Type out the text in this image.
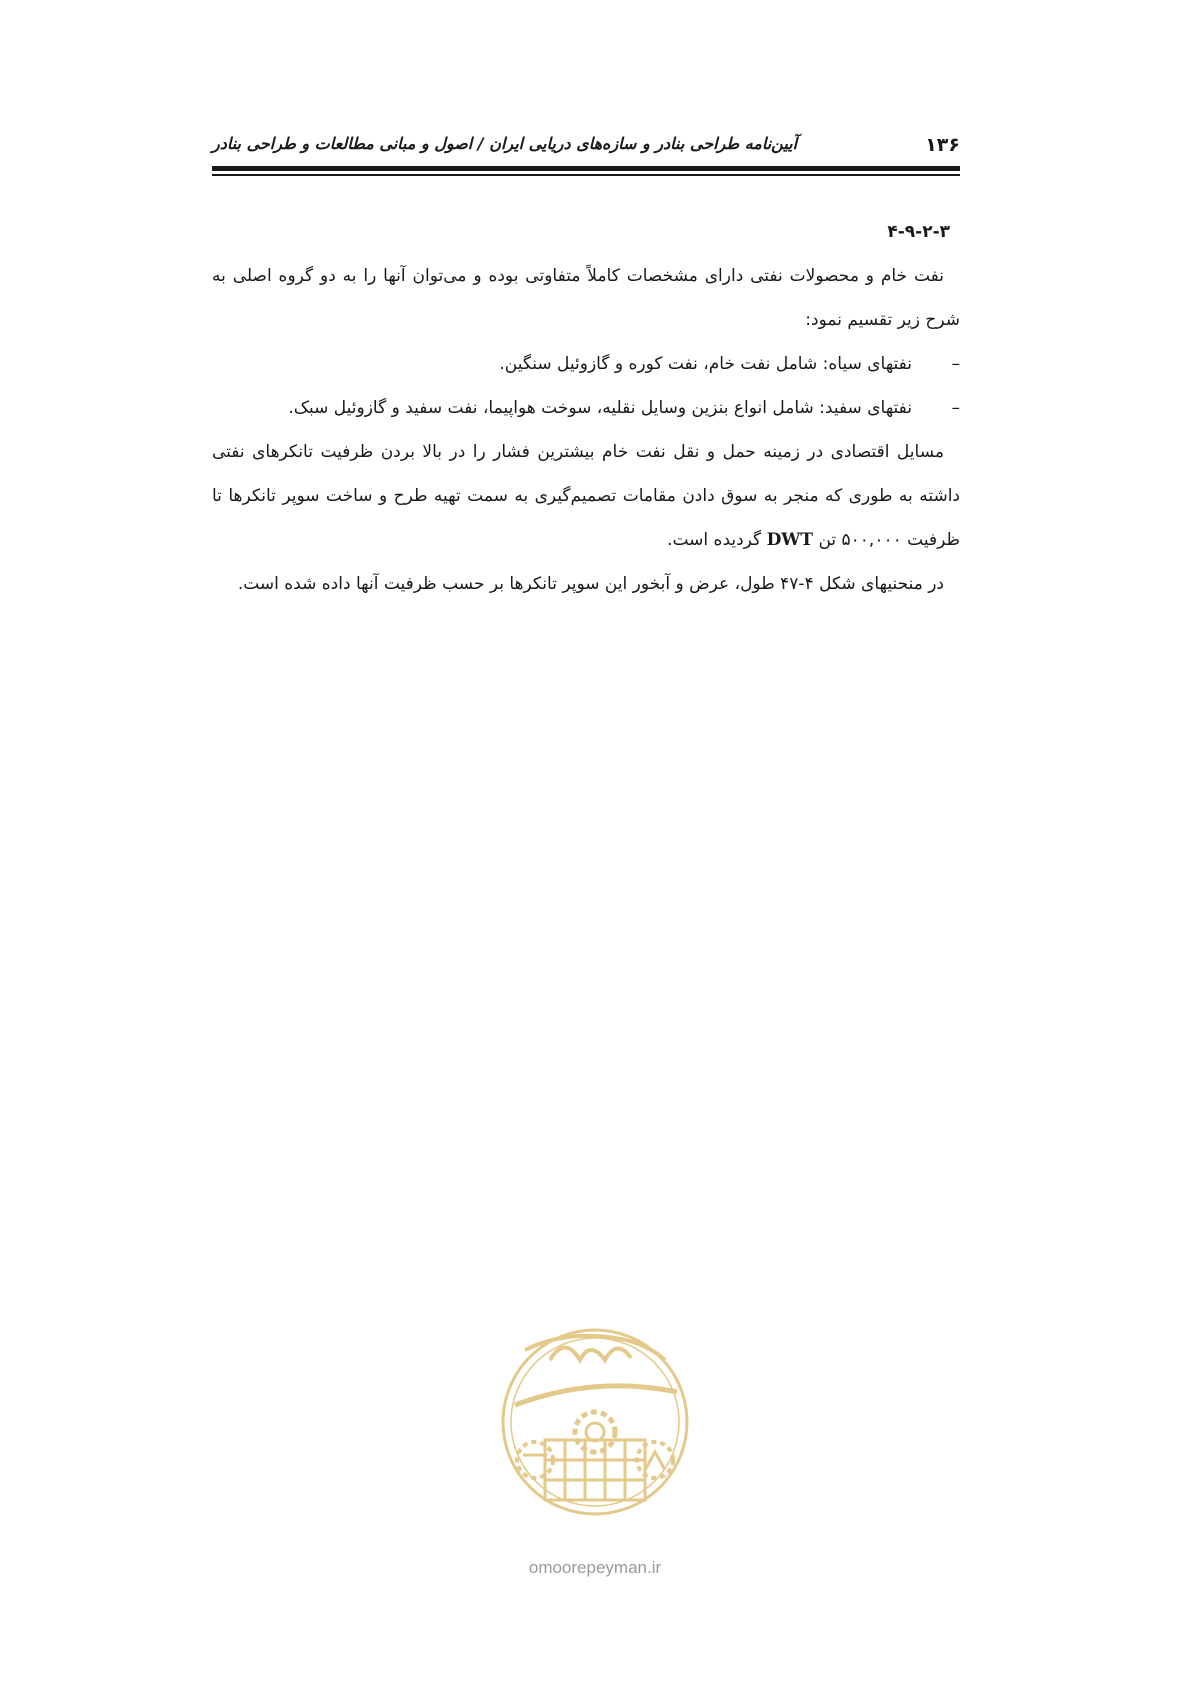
۱۳۶
آیین‌نامه طراحی بنادر و سازه‌های دریایی ایران / اصول و مبانی مطالعات و طراحی بنادر
۴-۹-۲-۳

نفت خام و محصولات نفتی دارای مشخصات کاملاً متفاوتی بوده و می‌توان آنها را به دو گروه اصلی به شرح زیر تقسیم نمود:

–
نفتهای سیاه: شامل نفت خام، نفت کوره و گازوئیل سنگین.

–
نفتهای سفید: شامل انواع بنزین وسایل نقلیه، سوخت هواپیما، نفت سفید و گازوئیل سبک.

مسایل اقتصادی در زمینه حمل و نقل نفت خام بیشترین فشار را در بالا بردن ظرفیت تانکرهای نفتی داشته به طوری که منجر به سوق دادن مقامات تصمیم‌گیری به سمت تهیه طرح و ساخت سوپر تانکرها تا ظرفیت ۵۰۰,۰۰۰ تن DWT گردیده است.

در منحنیهای شکل ۴-۴۷ طول، عرض و آبخور این سوپر تانکرها بر حسب ظرفیت آنها داده شده است.

omoorepeyman.ir
